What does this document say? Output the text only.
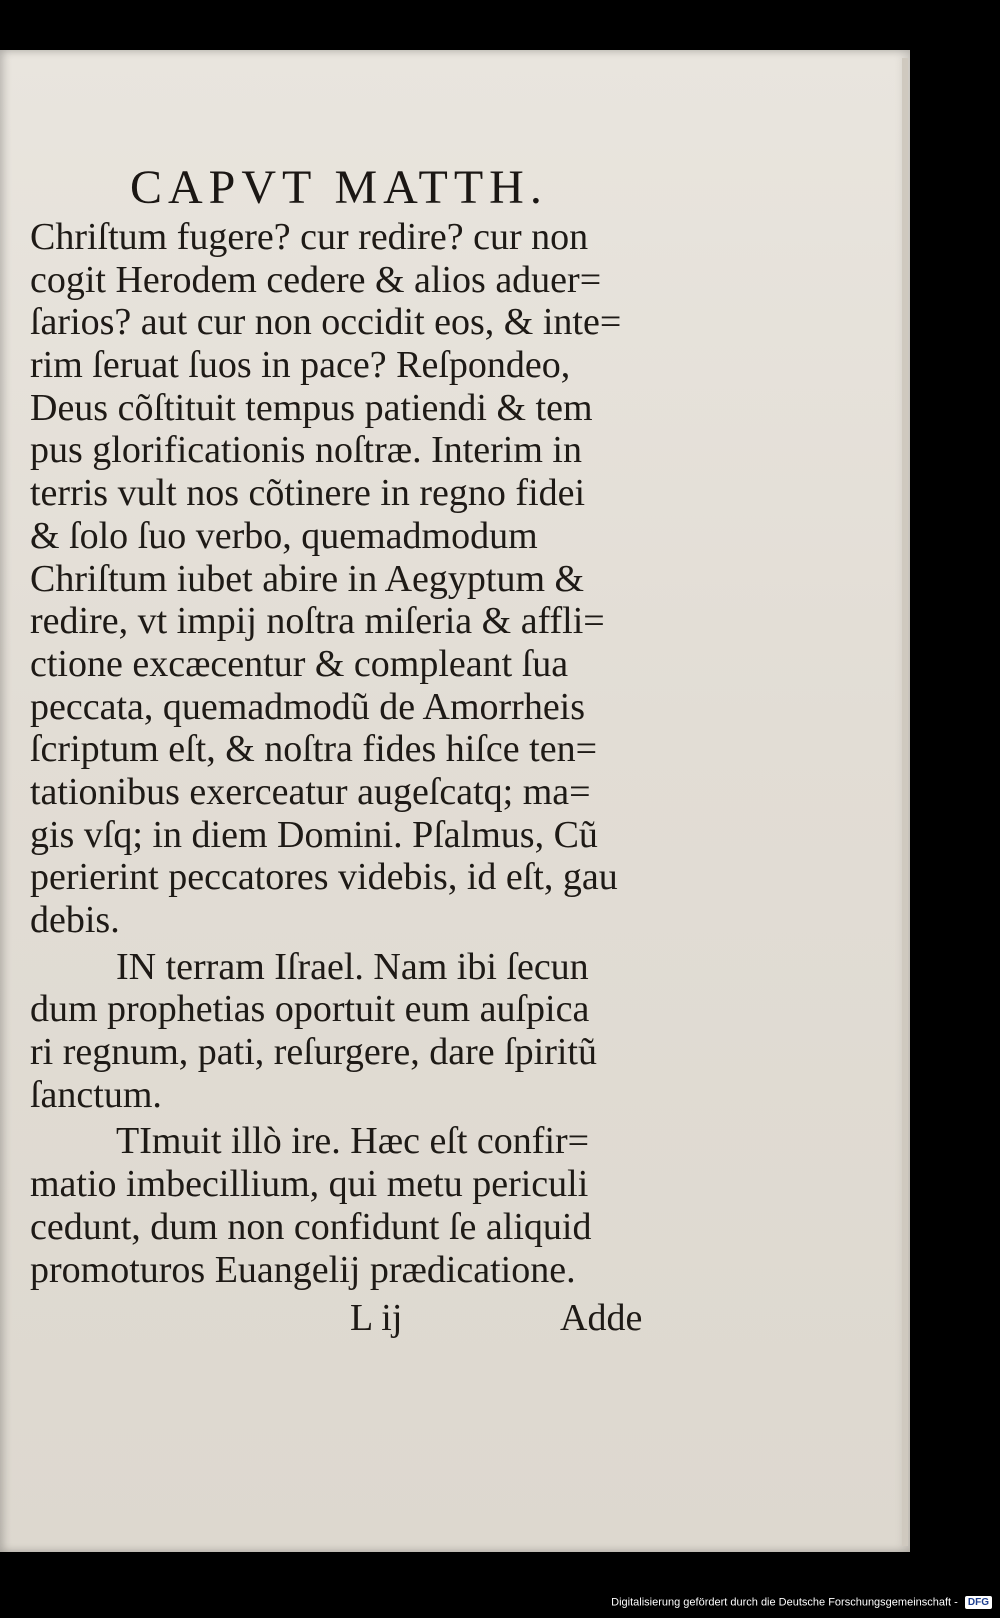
CAPVT MATTH.
Chriſtum fugere? cur redire? cur non
cogit Herodem cedere & alios aduer=
ſarios? aut cur non occidit eos, & inte=
rim ſeruat ſuos in pace? Reſpondeo,
Deus cõſtituit tempus patiendi & tem
pus glorificationis noſtræ. Interim in
terris vult nos cõtinere in regno fidei
& ſolo ſuo verbo, quemadmodum
Chriſtum iubet abire in Aegyptum &
redire, vt impij noſtra miſeria & affli=
ctione excæcentur & compleant ſua
peccata, quemadmodũ de Amorrheis
ſcriptum eſt, & noſtra fides hiſce ten=
tationibus exerceatur augeſcatq; ma=
gis vſq; in diem Domini. Pſalmus, Cũ
perierint peccatores videbis, id eſt, gau
debis.
IN terram Iſrael. Nam ibi ſecun
dum prophetias oportuit eum auſpica
ri regnum, pati, reſurgere, dare ſpiritũ
ſanctum.
TImuit illò ire. Hæc eſt confir=
matio imbecillium, qui metu periculi
cedunt, dum non confidunt ſe aliquid
promoturos Euangelij prædicatione.
L ij	Adde
Digitalisierung gefördert durch die Deutsche Forschungsgemeinschaft - DFG
